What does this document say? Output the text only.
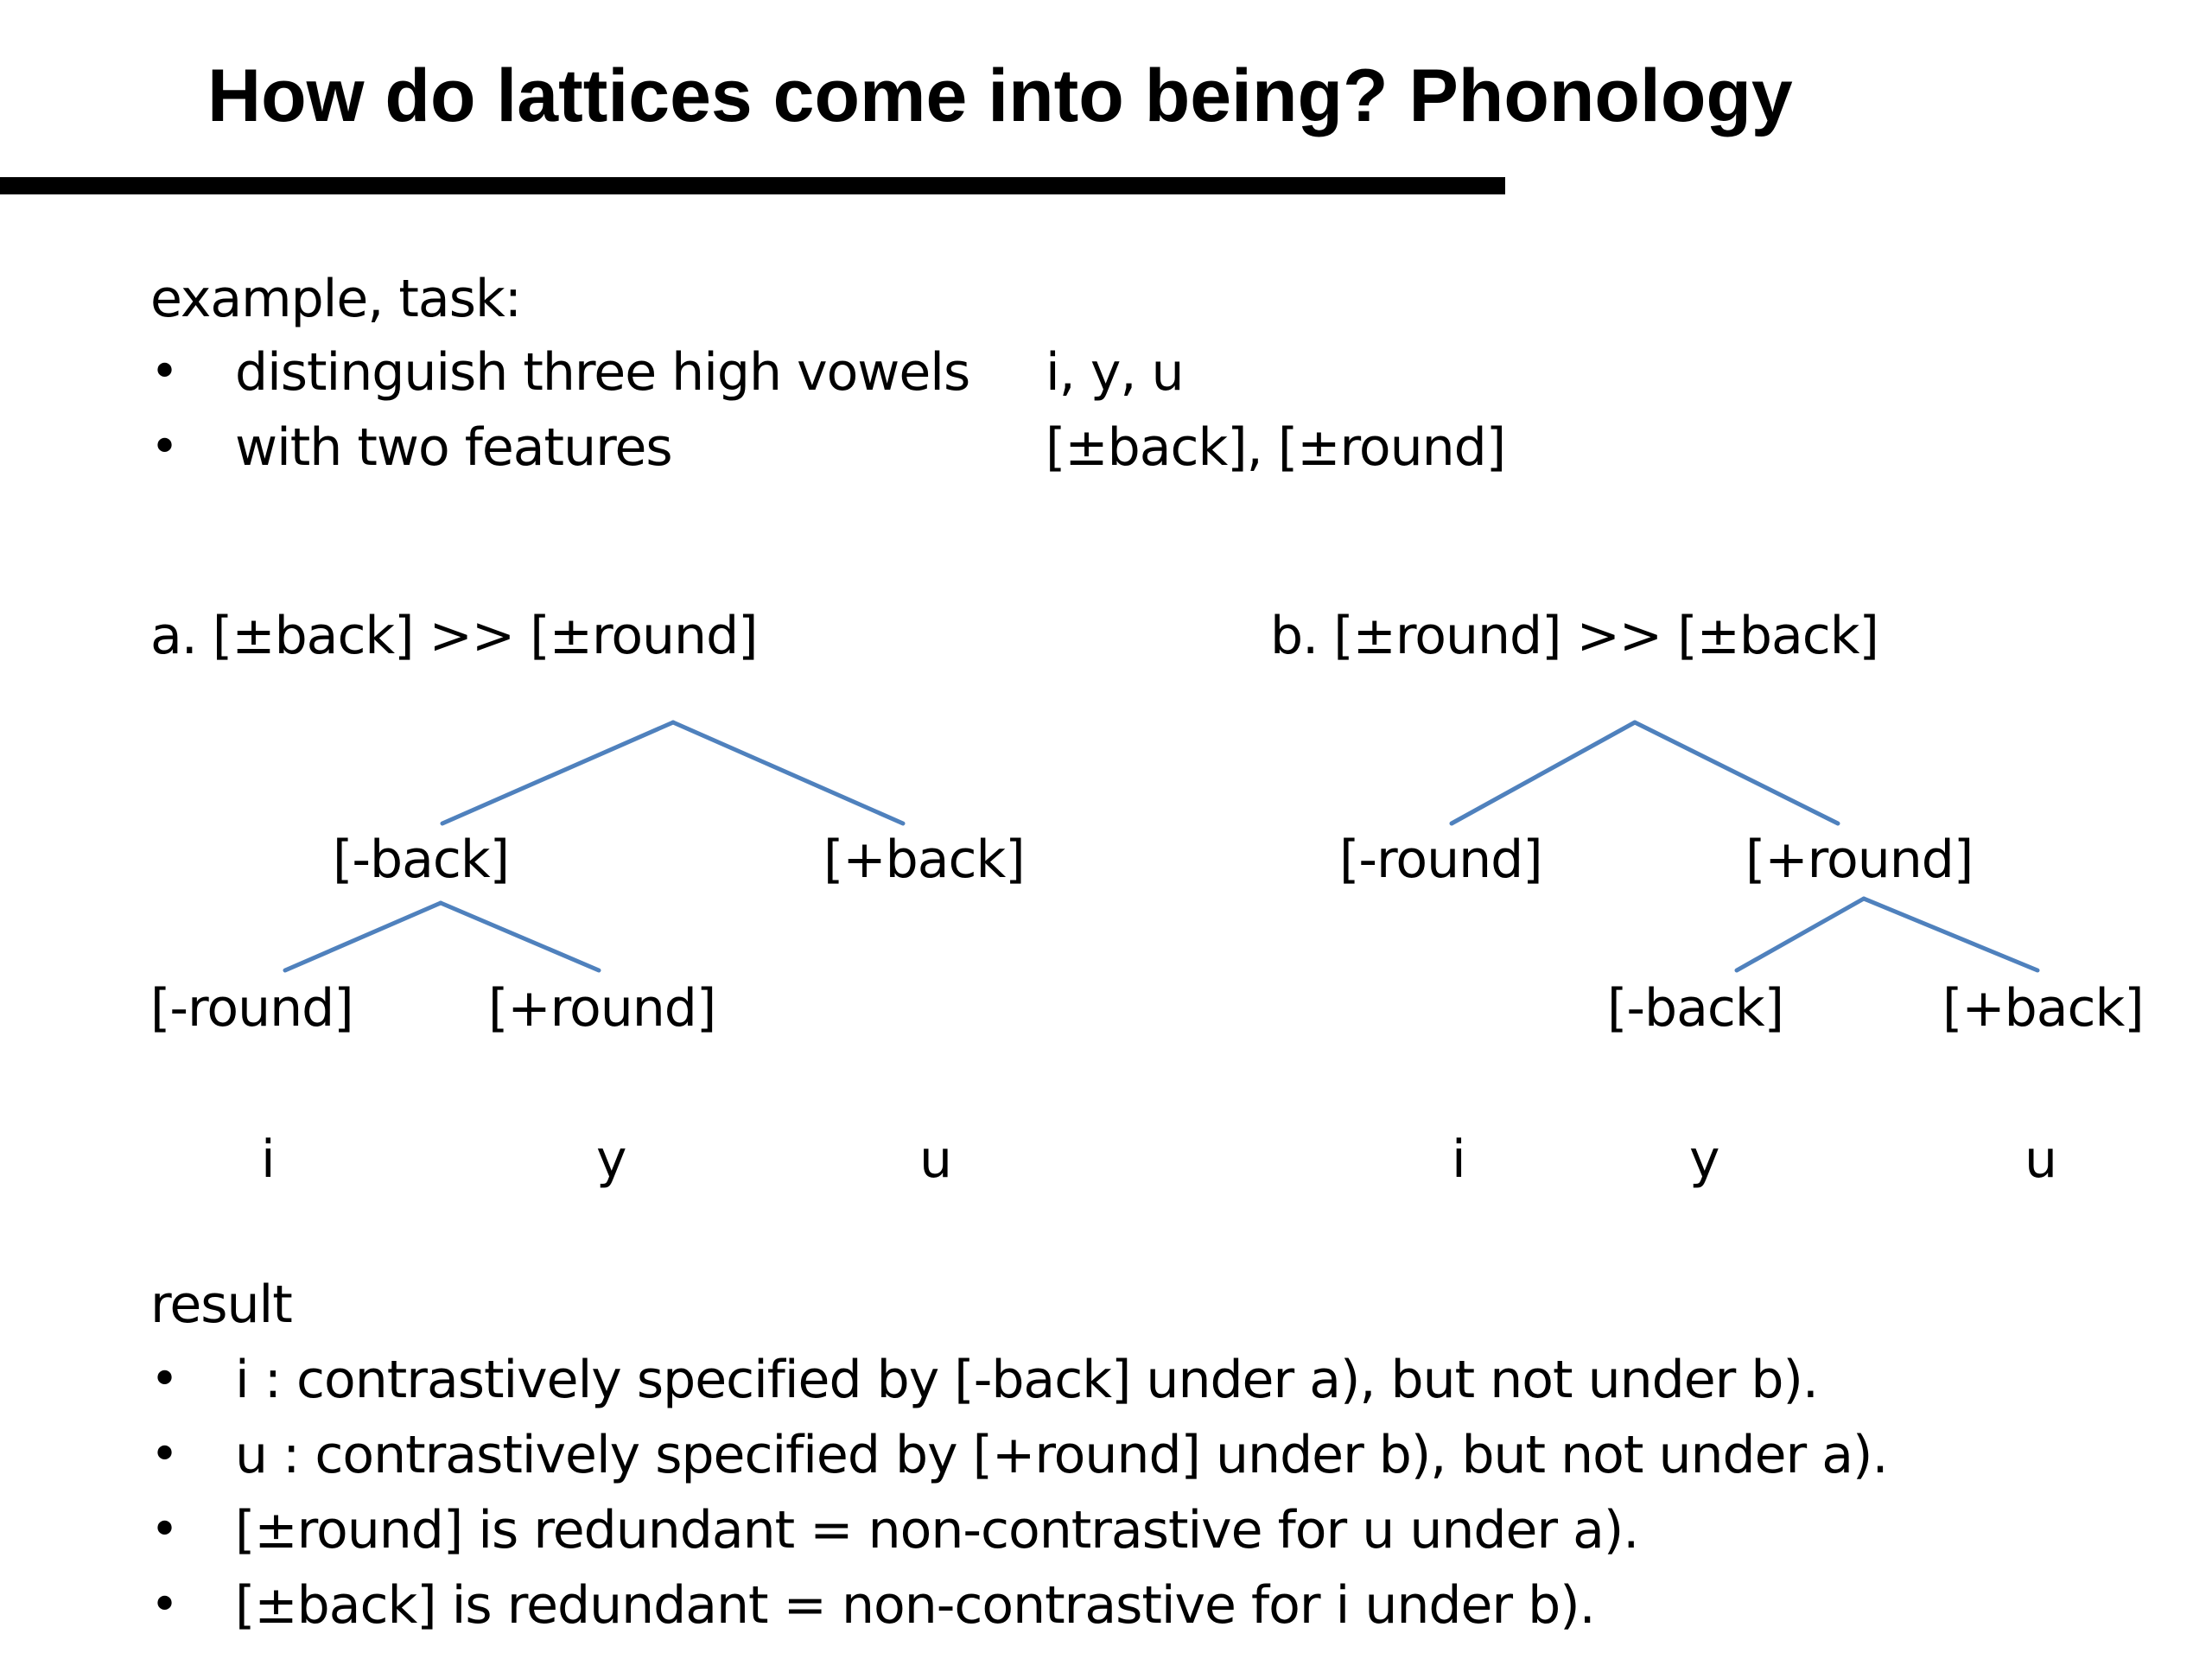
How do lattices come into being? Phonology
example, task:
• distinguish three high vowels i, y, u
• with two features	[±back], [±round]
a. [±back] >> [±round]
[-back]	[+back]
[-round]	[+round]
i	y	u
b. [±round] >> [±back]
[-round]	[+round]
[-back]	[+back]
i	y	u
result
• i : contrastively specified by [-back] under a), but not under b).
• u : contrastively specified by [+round] under b), but not under a).
• [±round] is redundant = non-contrastive for u under a).
• [±back] is redundant = non-contrastive for i under b).
